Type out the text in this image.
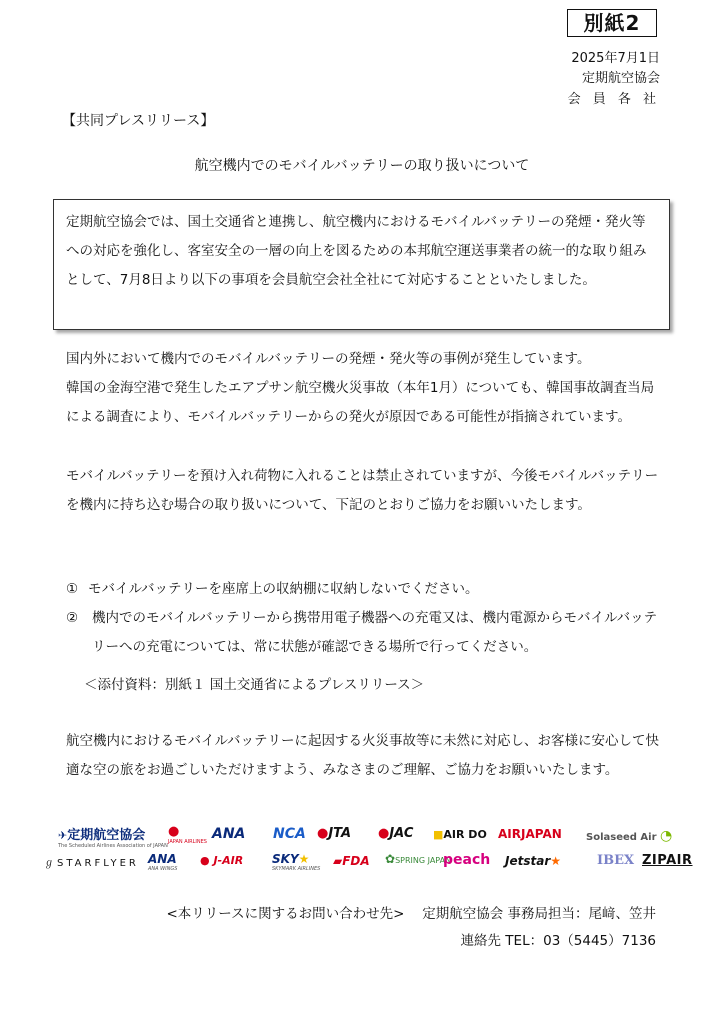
別紙2
2025年7月1日
定期航空協会
会 員 各 社
【共同プレスリリース】
航空機内でのモバイルバッテリーの取り扱いについて

定期航空協会では、国土交通省と連携し、航空機内におけるモバイルバッテリーの発煙・発火等への対応を強化し、客室安全の一層の向上を図るための本邦航空運送事業者の統一的な取り組みとして、7月8日より以下の事項を会員航空会社全社にて対応することといたしました。

国内外において機内でのモバイルバッテリーの発煙・発火等の事例が発生しています。

韓国の金海空港で発生したエアプサン航空機火災事故（本年1月）についても、韓国事故調査当局による調査により、モバイルバッテリーからの発火が原因である可能性が指摘されています。

モバイルバッテリーを預け入れ荷物に入れることは禁止されていますが、今後モバイルバッテリーを機内に持ち込む場合の取り扱いについて、下記のとおりご協力をお願いいたします。

① モバイルバッテリーを座席上の収納棚に収納しないでください。
②	機内でのモバイルバッテリーから携帯用電子機器への充電又は、機内電源からモバイルバッテリーへの充電については、常に状態が確認できる場所で行ってください。
＜添付資料：別紙１ 国土交通省によるプレスリリース＞

航空機内におけるモバイルバッテリーに起因する火災事故等に未然に対応し、お客様に安心して快適な空の旅をお過ごしいただけますよう、みなさまのご理解、ご協力をお願いいたします。

✈定期航空協会
The Scheduled Airlines Association of JAPAN
●
JAPAN AIRLINES ANA NCA ●JTA ●JAC ■AIR DO AIRJAPAN Solaseed Air ◔
ℊSTARFLYER ANA
ANA WINGS
● J-AIR SKY★
SKYMARK AIRLINES
▰FDA ✿SPRING JAPAN
peach Jetstar★	IBEX ZIPAIR
<本リリースに関するお問い合わせ先>　 定期航空協会 事務局担当：尾﨑、笠井
連絡先 TEL：03（5445）7136
